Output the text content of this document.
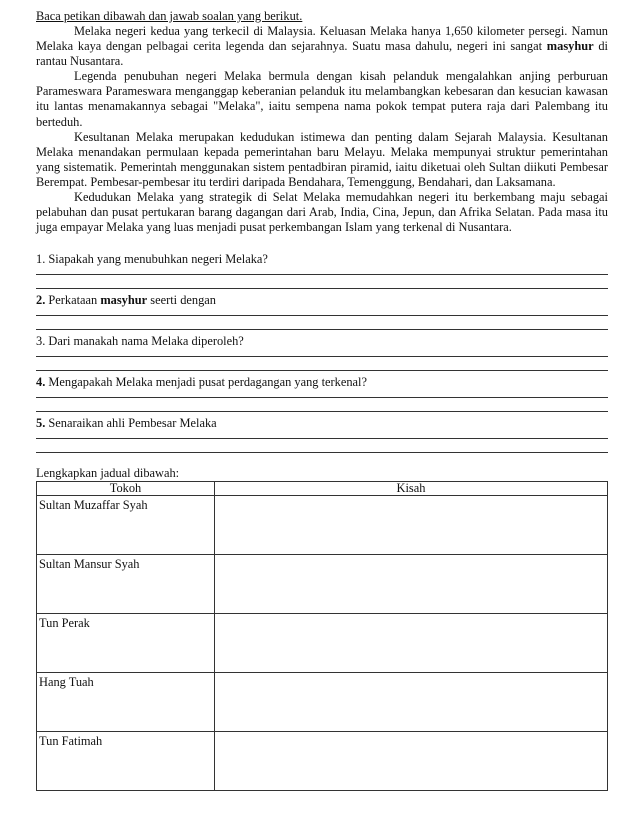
Baca petikan dibawah dan jawab soalan yang berikut.

Melaka negeri kedua yang terkecil di Malaysia. Keluasan Melaka hanya 1,650 kilometer persegi. Namun Melaka kaya dengan pelbagai cerita legenda dan sejarahnya. Suatu masa dahulu, negeri ini sangat masyhur di rantau Nusantara.

Legenda penubuhan negeri Melaka bermula dengan kisah pelanduk mengalahkan anjing perburuan Parameswara Parameswara menganggap keberanian pelanduk itu melambangkan kebesaran dan kesucian kawasan itu lantas menamakannya sebagai "Melaka", iaitu sempena nama pokok tempat putera raja dari Palembang itu berteduh.

Kesultanan Melaka merupakan kedudukan istimewa dan penting dalam Sejarah Malaysia. Kesultanan Melaka menandakan permulaan kepada pemerintahan baru Melayu. Melaka mempunyai struktur pemerintahan yang sistematik. Pemerintah menggunakan sistem pentadbiran piramid, iaitu diketuai oleh Sultan diikuti Pembesar Berempat. Pembesar-pembesar itu terdiri daripada Bendahara, Temenggung, Bendahari, dan Laksamana.

Kedudukan Melaka yang strategik di Selat Melaka memudahkan negeri itu berkembang maju sebagai pelabuhan dan pusat pertukaran barang dagangan dari Arab, India, Cina, Jepun, dan Afrika Selatan. Pada masa itu juga empayar Melaka yang luas menjadi pusat perkembangan Islam yang terkenal di Nusantara.

1. Siapakah yang menubuhkan negeri Melaka?

2. Perkataan masyhur seerti dengan

3. Dari manakah nama Melaka diperoleh?

4. Mengapakah Melaka menjadi pusat perdagangan yang terkenal?

5. Senaraikan ahli Pembesar Melaka

Lengkapkan jadual dibawah:

Tokoh	Kisah
Sultan Muzaffar Syah	
Sultan Mansur Syah	
Tun Perak	
Hang Tuah	
Tun Fatimah	
